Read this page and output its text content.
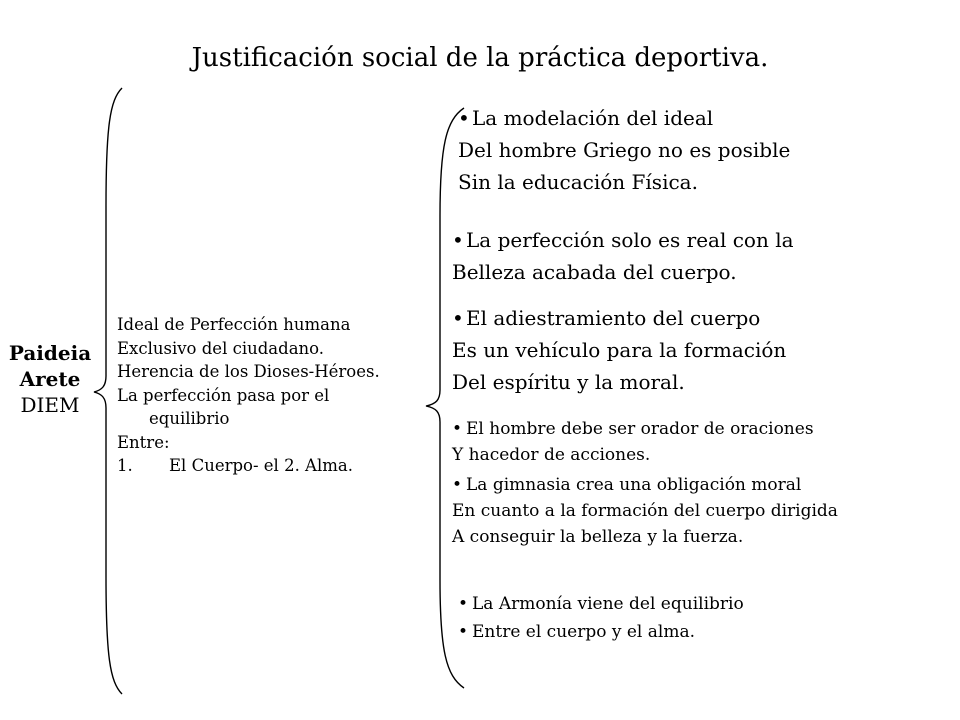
Justificación social de la práctica deportiva.
Paideia
Arete
DIEM
Ideal de Perfección humana
Exclusivo del ciudadano.
Herencia de los Dioses-Héroes.
La perfección pasa por el
equilibrio
Entre:
1. El Cuerpo- el 2. Alma.
• La modelación del ideal
Del hombre Griego no es posible
Sin la educación Física.
• La perfección solo es real con la
Belleza acabada del cuerpo.
• El adiestramiento del cuerpo
Es un vehículo para la formación
Del espíritu y la moral.
• El hombre debe ser orador de oraciones
Y hacedor de acciones.
• La gimnasia crea una obligación moral
En cuanto a la formación del cuerpo dirigida
A conseguir la belleza y la fuerza.
• La Armonía viene del equilibrio
• Entre el cuerpo y el alma.
